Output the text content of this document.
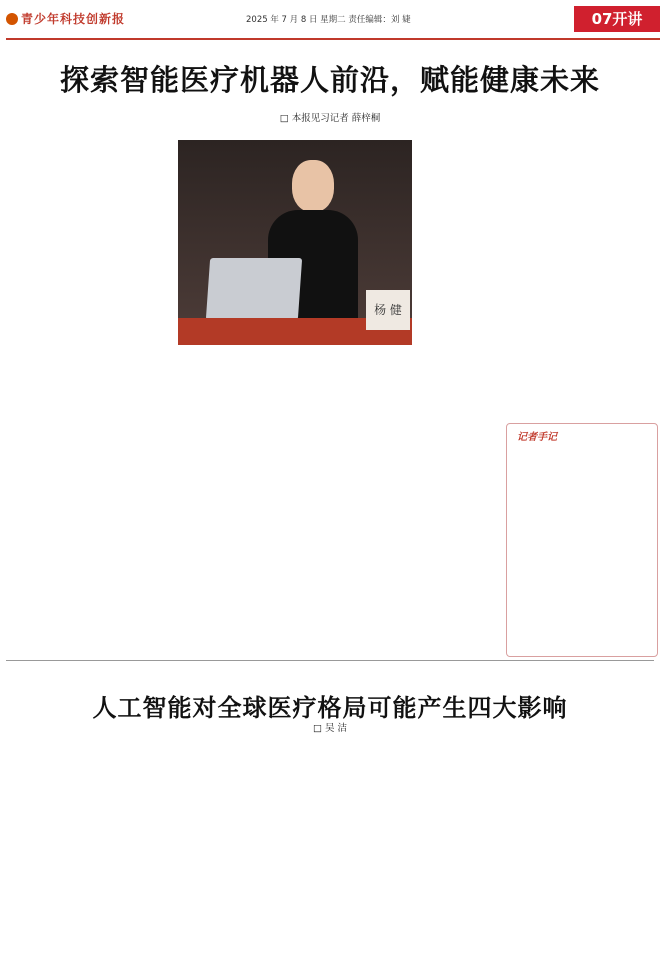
青少年科技创新报	2025 年 7 月 8 日 星期二 责任编辑：刘 婕	07开讲
探索智能医疗机器人前沿，赋能健康未来
□ 本报见习记者 薛梓桐
杨 健
记者手记
人工智能对全球医疗格局可能产生四大影响
□ 吴 洁
